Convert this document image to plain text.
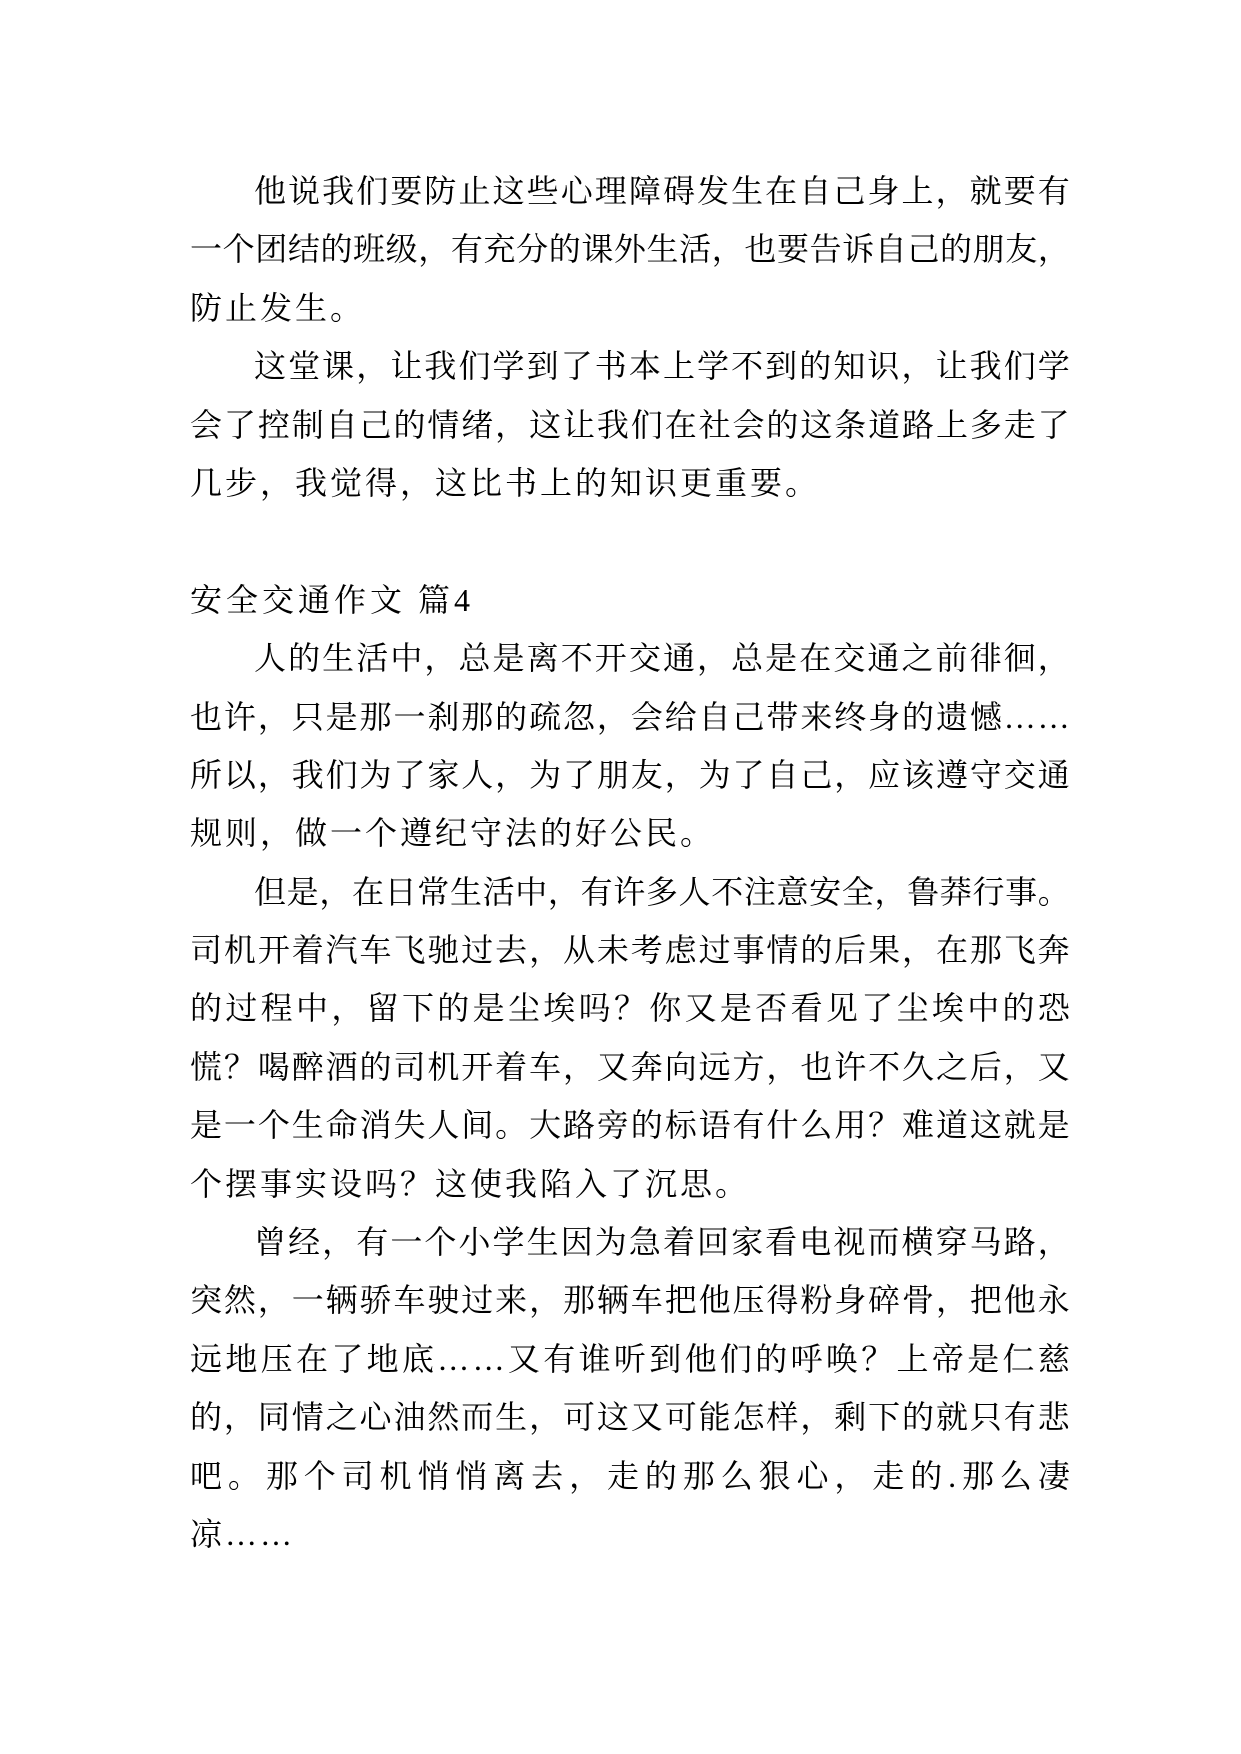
他 说 我 们 要 防 止 这 些 心 理 障 碍 发 生 在 自 己 身 上 ， 就 要 有
一 个 团 结 的 班 级 ， 有 充 分 的 课 外 生 活 ， 也 要 告 诉 自 己 的 朋 友 ，
防止发生。
这 堂 课 ， 让 我 们 学 到 了 书 本 上 学 不 到 的 知 识 ， 让 我 们 学
会 了 控 制 自 己 的 情 绪 ， 这 让 我 们 在 社 会 的 这 条 道 路 上 多 走 了
几步，我觉得，这比书上的知识更重要。
安全交通作文 篇4
人 的 生 活 中 ， 总 是 离 不 开 交 通 ， 总 是 在 交 通 之 前 徘 徊 ，
也 许 ， 只 是 那 一 刹 那 的 疏 忽 ， 会 给 自 己 带 来 终 身 的 遗 憾 … …
所 以 ， 我 们 为 了 家 人 ， 为 了 朋 友 ， 为 了 自 己 ， 应 该 遵 守 交 通
规则，做一个遵纪守法的好公民。
但 是 ， 在 日 常 生 活 中 ， 有 许 多 人 不 注 意 安 全 ， 鲁 莽 行 事 。
司 机 开 着 汽 车 飞 驰 过 去 ， 从 未 考 虑 过 事 情 的 后 果 ， 在 那 飞 奔
的 过 程 中 ， 留 下 的 是 尘 埃 吗 ？ 你 又 是 否 看 见 了 尘 埃 中 的 恐
慌 ？ 喝 醉 酒 的 司 机 开 着 车 ， 又 奔 向 远 方 ， 也 许 不 久 之 后 ， 又
是 一 个 生 命 消 失 人 间 。 大 路 旁 的 标 语 有 什 么 用 ？ 难 道 这 就 是
个摆事实设吗？这使我陷入了沉思。
曾 经 ， 有 一 个 小 学 生 因 为 急 着 回 家 看 电 视 而 横 穿 马 路 ，
突 然 ， 一 辆 骄 车 驶 过 来 ， 那 辆 车 把 他 压 得 粉 身 碎 骨 ， 把 他 永
远 地 压 在 了 地 底 … … 又 有 谁 听 到 他 们 的 呼 唤 ？ 上 帝 是 仁 慈
的 ， 同 情 之 心 油 然 而 生 ， 可 这 又 可 能 怎 样 ， 剩 下 的 就 只 有 悲
吧 。 那 个 司 机 悄 悄 离 去 ， 走 的 那 么 狠 心 ， 走 的 . 那 么 凄
凉……
